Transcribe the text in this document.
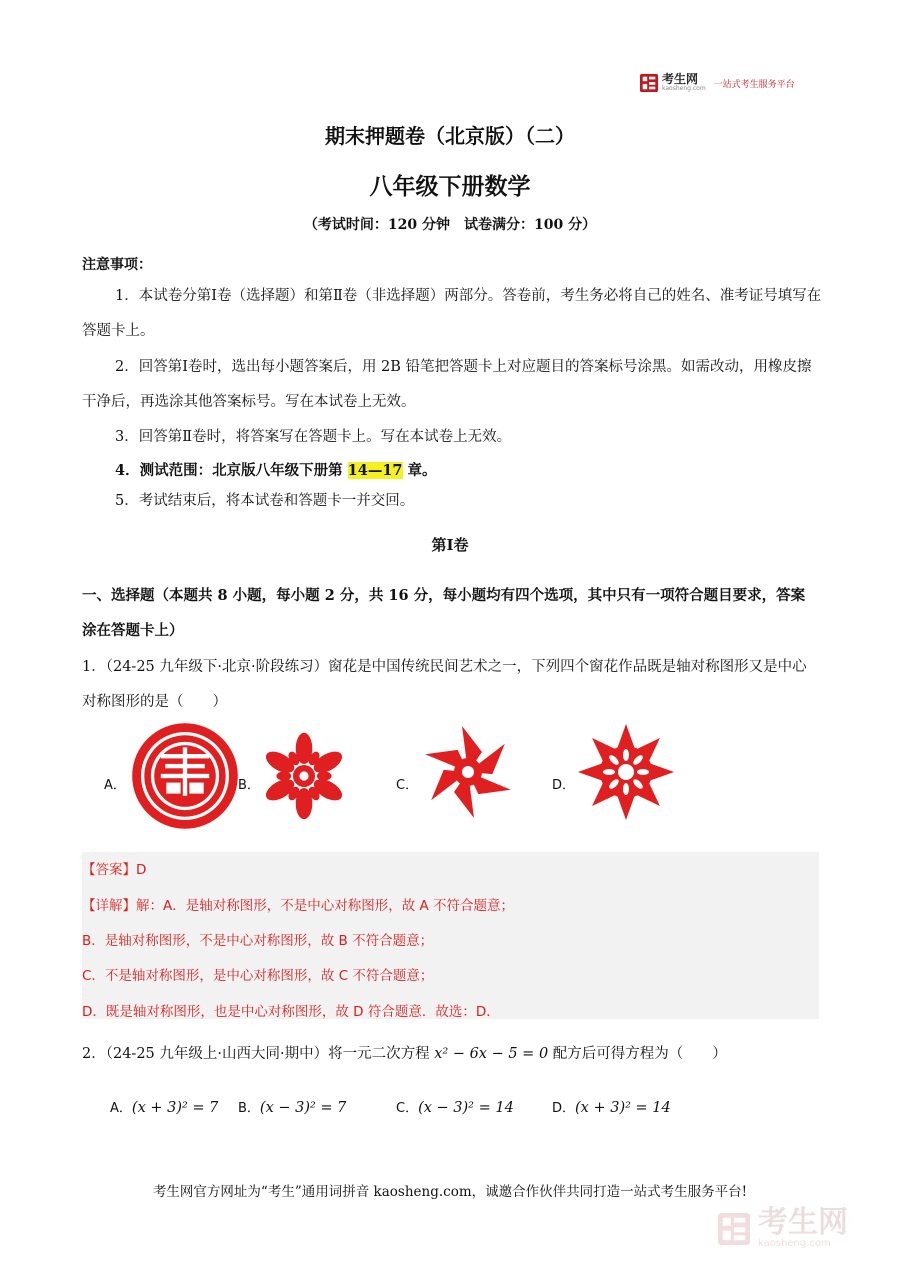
考生网
kaosheng.com 一站式考生服务平台
期末押题卷（北京版）（二）
八年级下册数学
（考试时间：120 分钟　试卷满分：100 分）
注意事项：
1．本试卷分第Ⅰ卷（选择题）和第Ⅱ卷（非选择题）两部分。答卷前，考生务必将自己的姓名、准考证号填写在答题卡上。
2．回答第Ⅰ卷时，选出每小题答案后，用 2B 铅笔把答题卡上对应题目的答案标号涂黑。如需改动，用橡皮擦干净后，再选涂其他答案标号。写在本试卷上无效。
3．回答第Ⅱ卷时，将答案写在答题卡上。写在本试卷上无效。
4．测试范围：北京版八年级下册第 14—17 章。
5．考试结束后，将本试卷和答题卡一并交回。
第Ⅰ卷
一、选择题（本题共 8 小题，每小题 2 分，共 16 分，每小题均有四个选项，其中只有一项符合题目要求，答案涂在答题卡上）
1．（24-25 九年级下·北京·阶段练习）窗花是中国传统民间艺术之一，下列四个窗花作品既是轴对称图形又是中心对称图形的是（　　）
A．	B．	C．	D．
【答案】D
【详解】解：A．是轴对称图形，不是中心对称图形，故 A 不符合题意；
B．是轴对称图形，不是中心对称图形，故 B 不符合题意；
C．不是轴对称图形，是中心对称图形，故 C 不符合题意；
D．既是轴对称图形，也是中心对称图形，故 D 符合题意．故选：D．
2．（24-25 九年级上·山西大同·期中）将一元二次方程 x² − 6x − 5 = 0 配方后可得方程为（　　）
A．(x + 3)² = 7 B．(x − 3)² = 7	C．(x − 3)² = 14	D．(x + 3)² = 14
考生网官方网址为“考生”通用词拼音 kaosheng.com，诚邀合作伙伴共同打造一站式考生服务平台!
考生网
kaosheng.com
